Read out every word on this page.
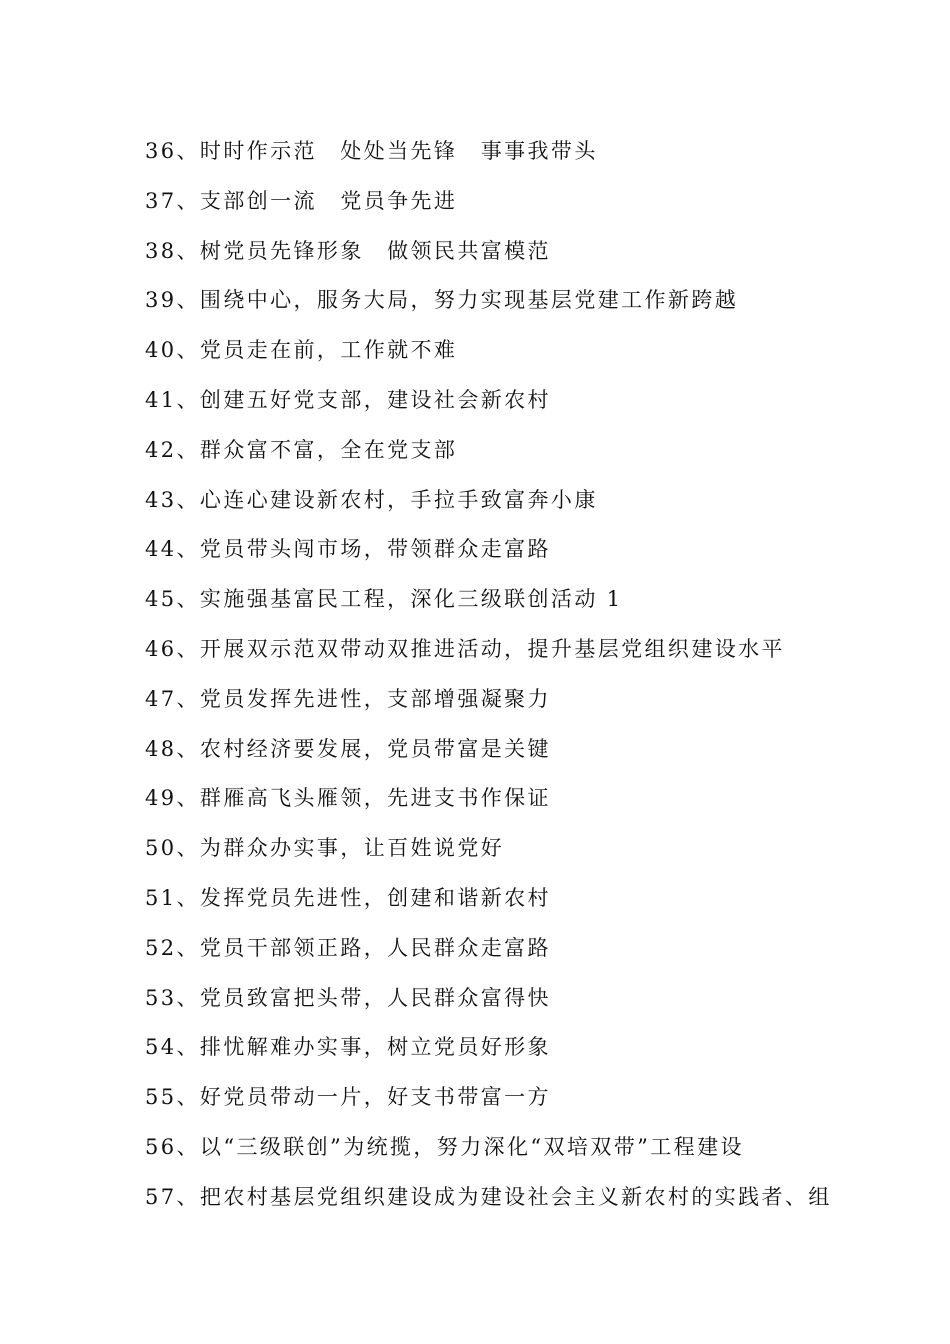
36、时时作示范　处处当先锋　事事我带头
37、支部创一流　党员争先进
38、树党员先锋形象　做领民共富模范
39、围绕中心，服务大局，努力实现基层党建工作新跨越
40、党员走在前，工作就不难
41、创建五好党支部，建设社会新农村
42、群众富不富，全在党支部
43、心连心建设新农村，手拉手致富奔小康
44、党员带头闯市场，带领群众走富路
45、实施强基富民工程，深化三级联创活动 1
46、开展双示范双带动双推进活动，提升基层党组织建设水平
47、党员发挥先进性，支部增强凝聚力
48、农村经济要发展，党员带富是关键
49、群雁高飞头雁领，先进支书作保证
50、为群众办实事，让百姓说党好
51、发挥党员先进性，创建和谐新农村
52、党员干部领正路，人民群众走富路
53、党员致富把头带，人民群众富得快
54、排忧解难办实事，树立党员好形象
55、好党员带动一片，好支书带富一方
56、以“三级联创”为统揽，努力深化“双培双带”工程建设
57、把农村基层党组织建设成为建设社会主义新农村的实践者、组
